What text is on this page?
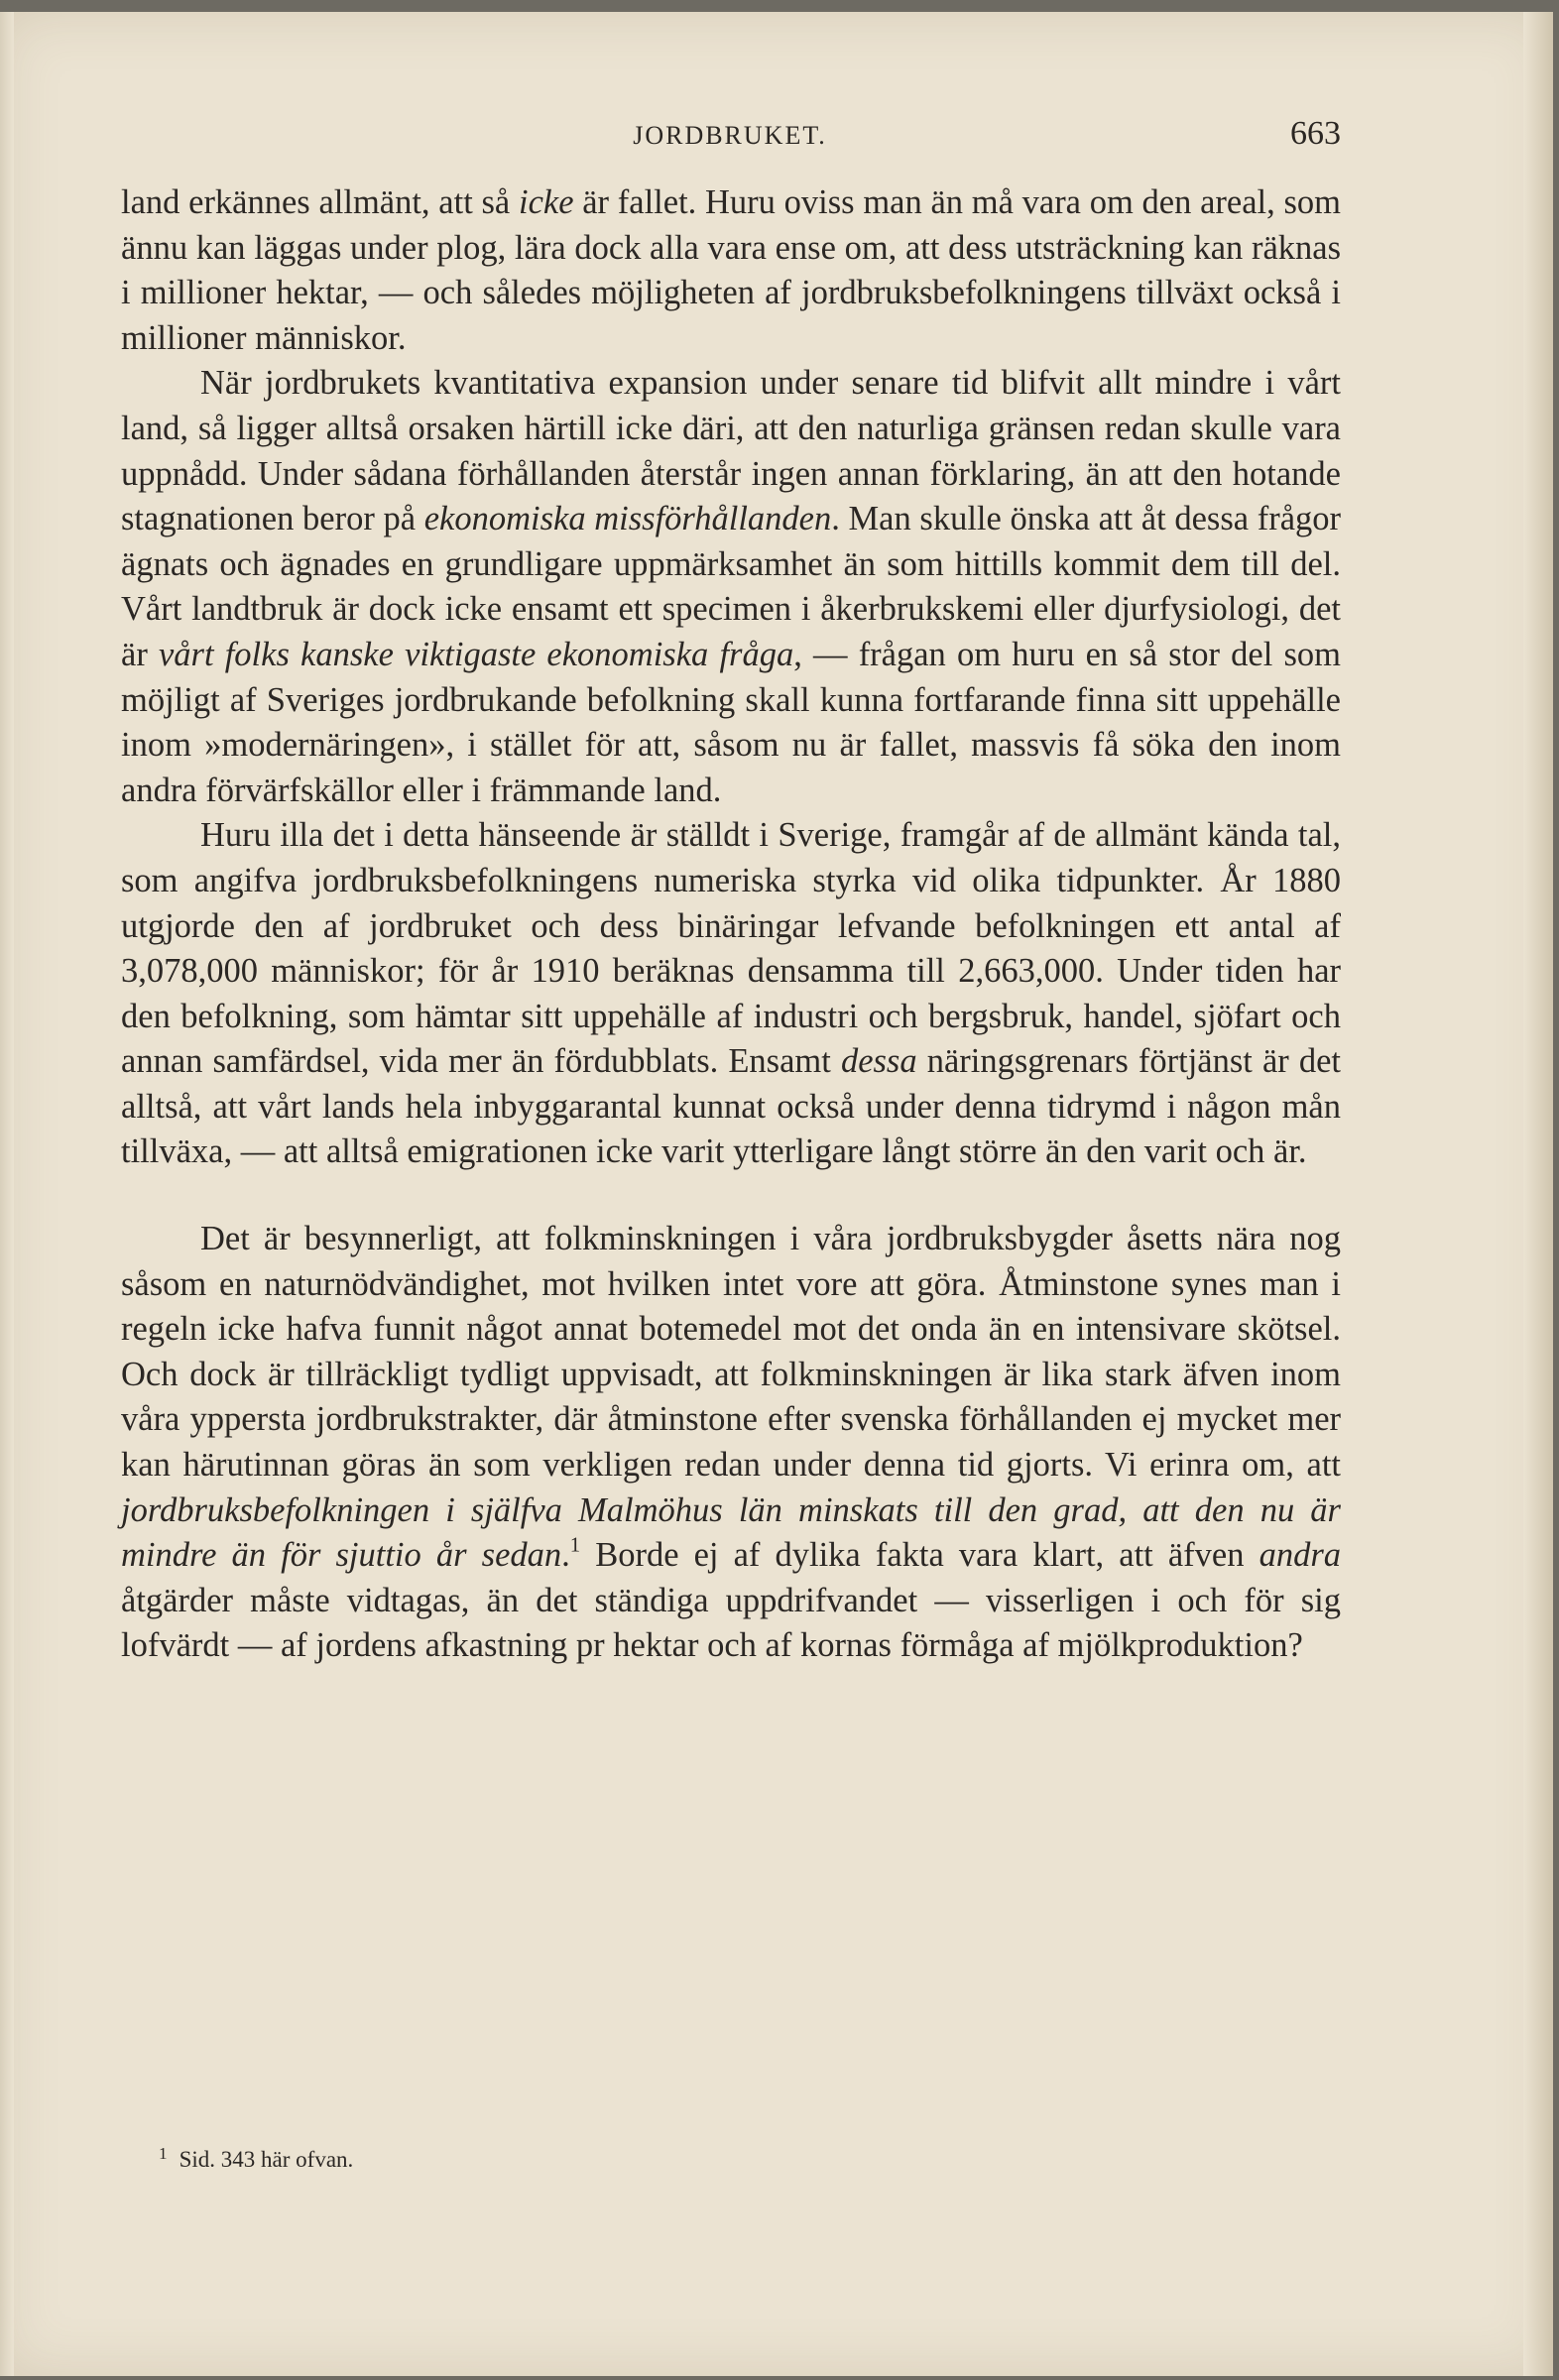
JORDBRUKET.	663

land erkännes allmänt, att så icke är fallet. Huru oviss man än må vara om den areal, som ännu kan läggas under plog, lära dock alla vara ense om, att dess utsträckning kan räknas i millioner hektar, — och således möjligheten af jordbruksbefolkningens tillväxt också i millioner människor.

När jordbrukets kvantitativa expansion under senare tid blifvit allt mindre i vårt land, så ligger alltså orsaken härtill icke däri, att den naturliga gränsen redan skulle vara uppnådd. Under sådana förhållanden återstår ingen annan förklaring, än att den hotande stagnationen beror på ekonomiska missförhållanden. Man skulle önska att åt dessa frågor ägnats och ägnades en grundligare uppmärksamhet än som hittills kommit dem till del. Vårt landtbruk är dock icke ensamt ett specimen i åkerbrukskemi eller djurfysiologi, det är vårt folks kanske viktigaste ekonomiska fråga, — frågan om huru en så stor del som möjligt af Sveriges jordbrukande befolkning skall kunna fortfarande finna sitt uppehälle inom »modernäringen», i stället för att, såsom nu är fallet, massvis få söka den inom andra förvärfskällor eller i främmande land.

Huru illa det i detta hänseende är ställdt i Sverige, framgår af de allmänt kända tal, som angifva jordbruksbefolkningens numeriska styrka vid olika tidpunkter. År 1880 utgjorde den af jordbruket och dess binäringar lefvande befolkningen ett antal af 3,078,000 människor; för år 1910 beräknas densamma till 2,663,000. Under tiden har den befolkning, som hämtar sitt uppehälle af industri och bergsbruk, handel, sjöfart och annan samfärdsel, vida mer än fördubblats. Ensamt dessa näringsgrenars förtjänst är det alltså, att vårt lands hela inbyggarantal kunnat också under denna tidrymd i någon mån tillväxa, — att alltså emigrationen icke varit ytterligare långt större än den varit och är.

Det är besynnerligt, att folkminskningen i våra jordbruksbygder åsetts nära nog såsom en naturnödvändighet, mot hvilken intet vore att göra. Åtminstone synes man i regeln icke hafva funnit något annat botemedel mot det onda än en intensivare skötsel. Och dock är tillräckligt tydligt uppvisadt, att folkminskningen är lika stark äfven inom våra yppersta jordbrukstrakter, där åtminstone efter svenska förhållanden ej mycket mer kan härutinnan göras än som verkligen redan under denna tid gjorts. Vi erinra om, att jordbruksbefolkningen i själfva Malmöhus län minskats till den grad, att den nu är mindre än för sjuttio år sedan.$^1$ Borde ej af dylika fakta vara klart, att äfven andra åtgärder måste vidtagas, än det ständiga uppdrifvandet — visserligen i och för sig lofvärdt — af jordens afkastning pr hektar och af kornas förmåga af mjölkproduktion?

$^1$ Sid. 343 här ofvan.
